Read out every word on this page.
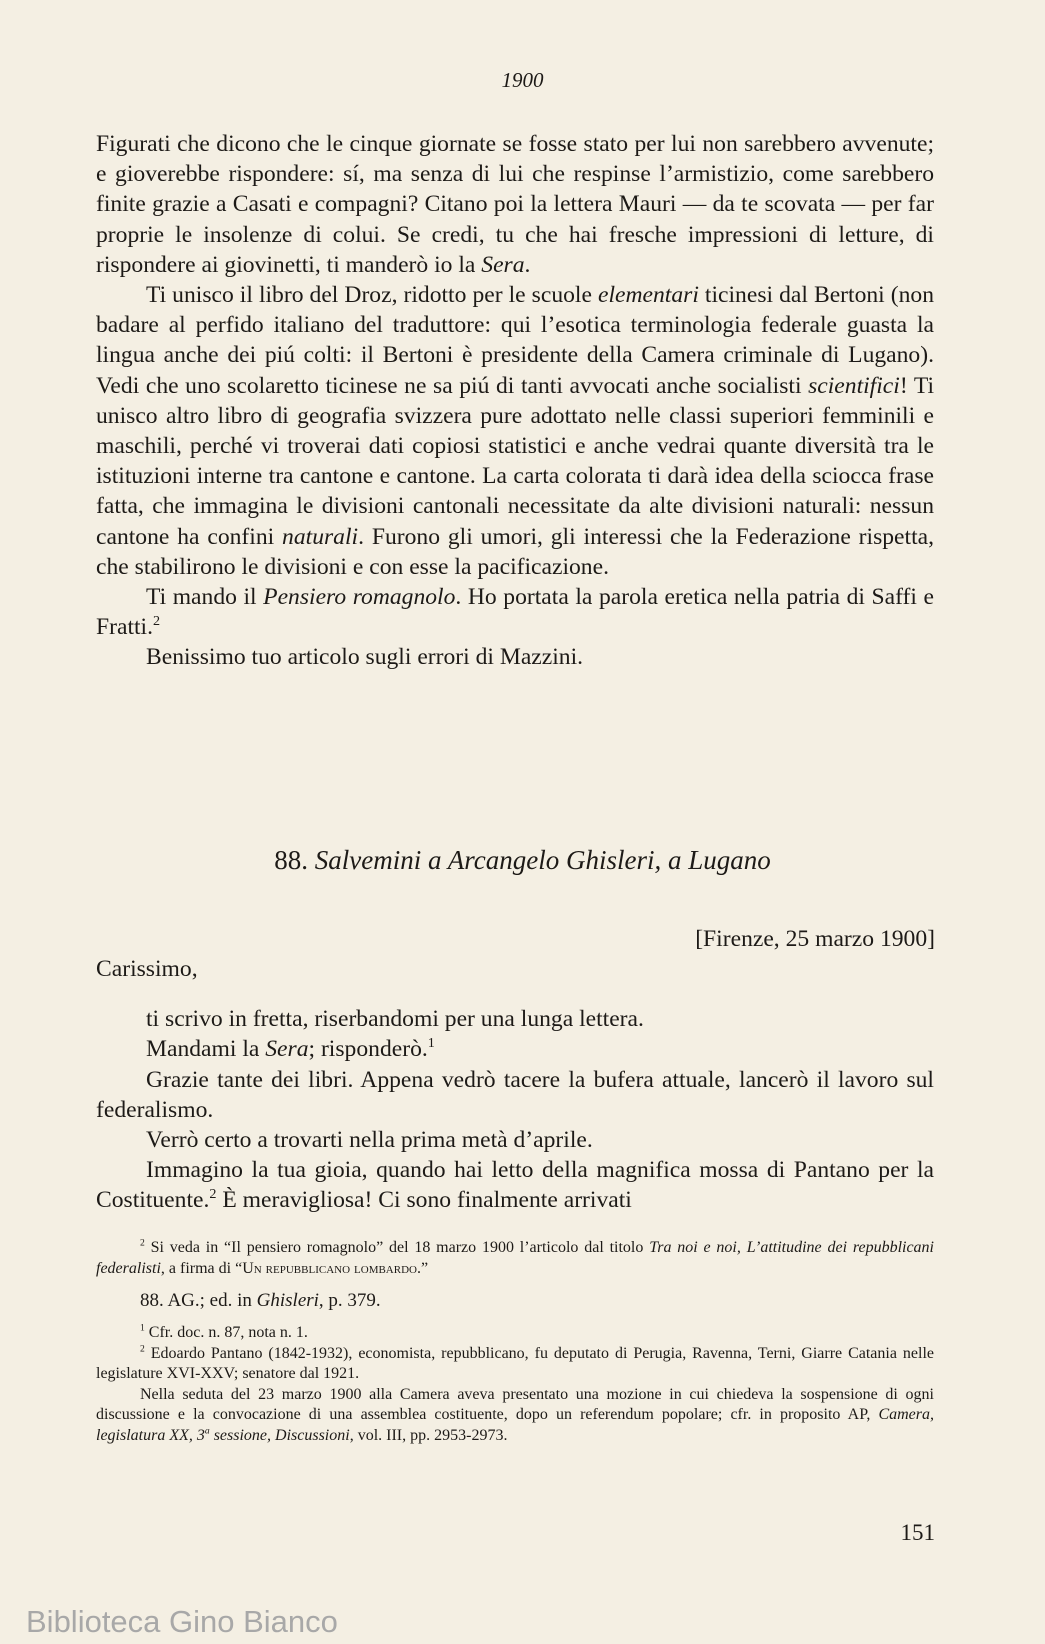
1900

Figurati che dicono che le cinque giornate se fosse stato per lui non sarebbero avvenute; e gioverebbe rispondere: sí, ma senza di lui che respinse l’armistizio, come sarebbero finite grazie a Casati e compagni? Citano poi la lettera Mauri — da te scovata — per far proprie le insolenze di colui. Se credi, tu che hai fresche impressioni di letture, di rispondere ai giovinetti, ti manderò io la Sera.

Ti unisco il libro del Droz, ridotto per le scuole elementari ticinesi dal Bertoni (non badare al perfido italiano del traduttore: qui l’esotica terminologia federale guasta la lingua anche dei piú colti: il Bertoni è presidente della Camera criminale di Lugano). Vedi che uno scolaretto ticinese ne sa piú di tanti avvocati anche socialisti scientifici! Ti unisco altro libro di geografia svizzera pure adottato nelle classi superiori femminili e maschili, perché vi troverai dati copiosi statistici e anche vedrai quante diversità tra le istituzioni interne tra cantone e cantone. La carta colorata ti darà idea della sciocca frase fatta, che immagina le divisioni cantonali necessitate da alte divisioni naturali: nessun cantone ha confini naturali. Furono gli umori, gli interessi che la Federazione rispetta, che stabilirono le divisioni e con esse la pacificazione.

Ti mando il Pensiero romagnolo. Ho portata la parola eretica nella patria di Saffi e Fratti.$^2$

Benissimo tuo articolo sugli errori di Mazzini.

88. Salvemini a Arcangelo Ghisleri, a Lugano
[Firenze, 25 marzo 1900]

Carissimo,

ti scrivo in fretta, riserbandomi per una lunga lettera.

Mandami la Sera; risponderò.$^1$

Grazie tante dei libri. Appena vedrò tacere la bufera attuale, lancerò il lavoro sul federalismo.

Verrò certo a trovarti nella prima metà d’aprile.

Immagino la tua gioia, quando hai letto della magnifica mossa di Pantano per la Costituente.$^2$ È meravigliosa! Ci sono finalmente arrivati

$^2$ Si veda in “Il pensiero romagnolo” del 18 marzo 1900 l’articolo dal titolo Tra noi e noi, L’attitudine dei repubblicani federalisti, a firma di “Un repubblicano lombardo.”

88. AG.; ed. in Ghisleri, p. 379.

$^1$ Cfr. doc. n. 87, nota n. 1.

$^2$ Edoardo Pantano (1842-1932), economista, repubblicano, fu deputato di Perugia, Ravenna, Terni, Giarre Catania nelle legislature XVI-XXV; senatore dal 1921.

Nella seduta del 23 marzo 1900 alla Camera aveva presentato una mozione in cui chiedeva la sospensione di ogni discussione e la convocazione di una assemblea costituente, dopo un referendum popolare; cfr. in proposito AP, Camera, legislatura XX, 3$^a$ sessione, Discussioni, vol. III, pp. 2953-2973.

151
Biblioteca Gino Bianco
